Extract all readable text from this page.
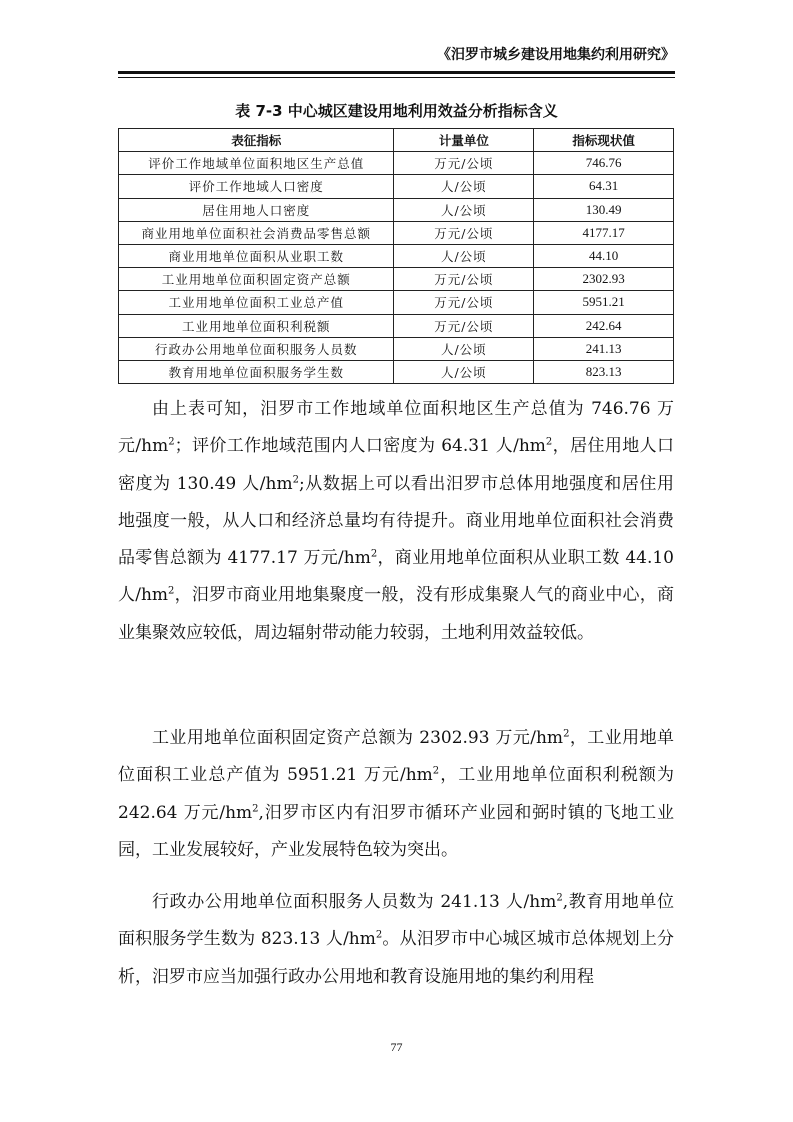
《汨罗市城乡建设用地集约利用研究》
表 7-3 中心城区建设用地利用效益分析指标含义
表征指标	计量单位	指标现状值
评价工作地域单位面积地区生产总值	万元/公顷	746.76
评价工作地域人口密度	人/公顷	64.31
居住用地人口密度	人/公顷	130.49
商业用地单位面积社会消费品零售总额	万元/公顷	4177.17
商业用地单位面积从业职工数	人/公顷	44.10
工业用地单位面积固定资产总额	万元/公顷	2302.93
工业用地单位面积工业总产值	万元/公顷	5951.21
工业用地单位面积利税额	万元/公顷	242.64
行政办公用地单位面积服务人员数	人/公顷	241.13
教育用地单位面积服务学生数	人/公顷	823.13

由上表可知，汨罗市工作地域单位面积地区生产总值为 746.76 万元$/hm^2$；评价工作地域范围内人口密度为 64.31 人$/hm^2$，居住用地人口密度为 130.49 人$/hm^2$;从数据上可以看出汨罗市总体用地强度和居住用地强度一般，从人口和经济总量均有待提升。商业用地单位面积社会消费品零售总额为 4177.17 万元$/hm^2$，商业用地单位面积从业职工数 44.10 人$/hm^2$，汨罗市商业用地集聚度一般，没有形成集聚人气的商业中心，商业集聚效应较低，周边辐射带动能力较弱，土地利用效益较低。

工业用地单位面积固定资产总额为 2302.93 万元$/hm^2$，工业用地单位面积工业总产值为 5951.21 万元$/hm^2$，工业用地单位面积利税额为 242.64 万元$/hm^2$,汨罗市区内有汨罗市循环产业园和弼时镇的飞地工业园，工业发展较好，产业发展特色较为突出。

行政办公用地单位面积服务人员数为 241.13 人$/hm^2$,教育用地单位面积服务学生数为 823.13 人$/hm^2$。从汨罗市中心城区城市总体规划上分析，汨罗市应当加强行政办公用地和教育设施用地的集约利用程

77
